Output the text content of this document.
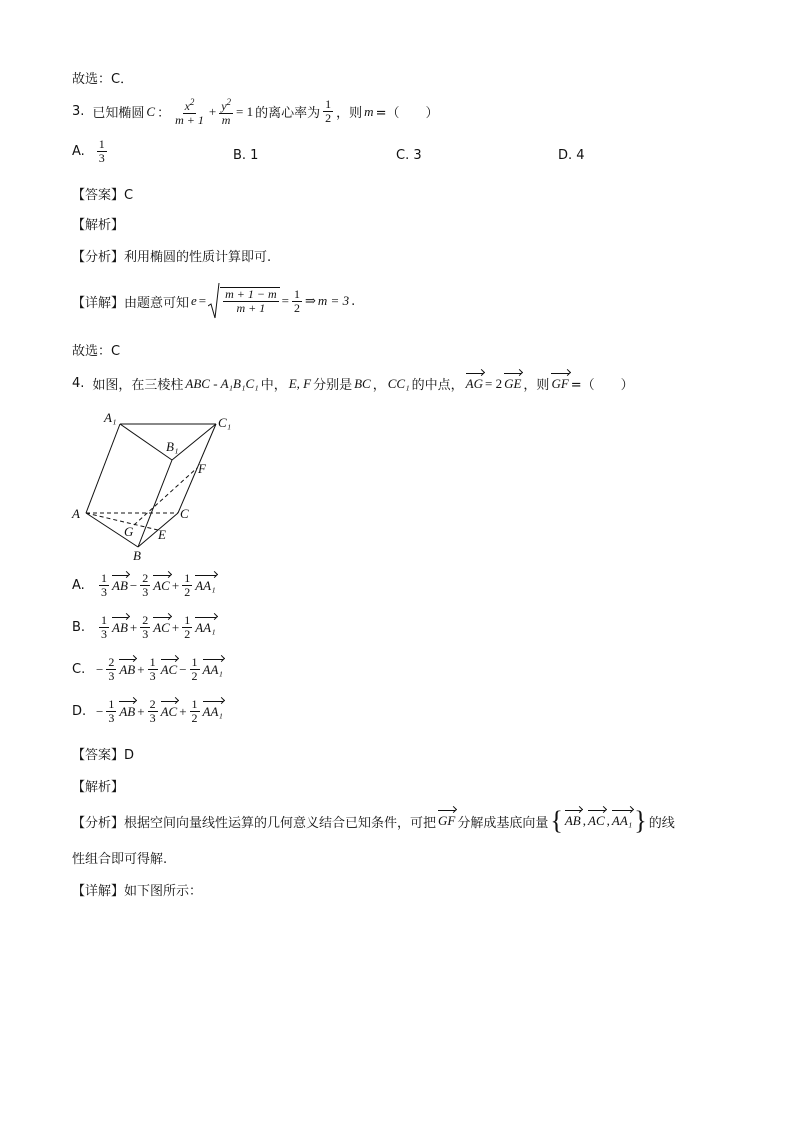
故选：C．
3. 已知椭圆 C ： $\frac{x^2}{m + 1} + \frac{y^2}{m} = 1$ 的离心率为 $\frac{1}{2}$ ，则 m =（　　）
A. $\frac{1}{3}$	B. 1	C. 3	D. 4
【答案】C
【解析】
【分析】利用椭圆的性质计算即可.
【详解】由题意可知 $e = \frac{m + 1 - m}{m + 1} = \frac{1}{2}$ ⇒ m = 3 .
故选：C
4. 如图，在三棱柱 ABC - A₁B₁C₁ 中， E, F 分别是 BC ， CC₁ 的中点， AG = 2 GE ，则 GF =（　　）
A₁	C₁
B₁
F
A	C
G E
B
A.	$\frac{1}{3}$ AB − $\frac{2}{3}$ AC + $\frac{1}{2} AA_1$
B.	$\frac{1}{3}$ AB + $\frac{2}{3}$ AC + $\frac{1}{2} AA_1$
C. − $\frac{2}{3}$ AB + $\frac{1}{3}$ AC − $\frac{1}{2} AA_1$
D. − $\frac{1}{3}$ AB + $\frac{2}{3}$ AC + $\frac{1}{2} AA_1$
【答案】D
【解析】
【分析】根据空间向量线性运算的几何意义结合已知条件，可把 GF 分解成基底向量 { AB , AC , AA₁ } 的线
性组合即可得解.
【详解】如下图所示：
